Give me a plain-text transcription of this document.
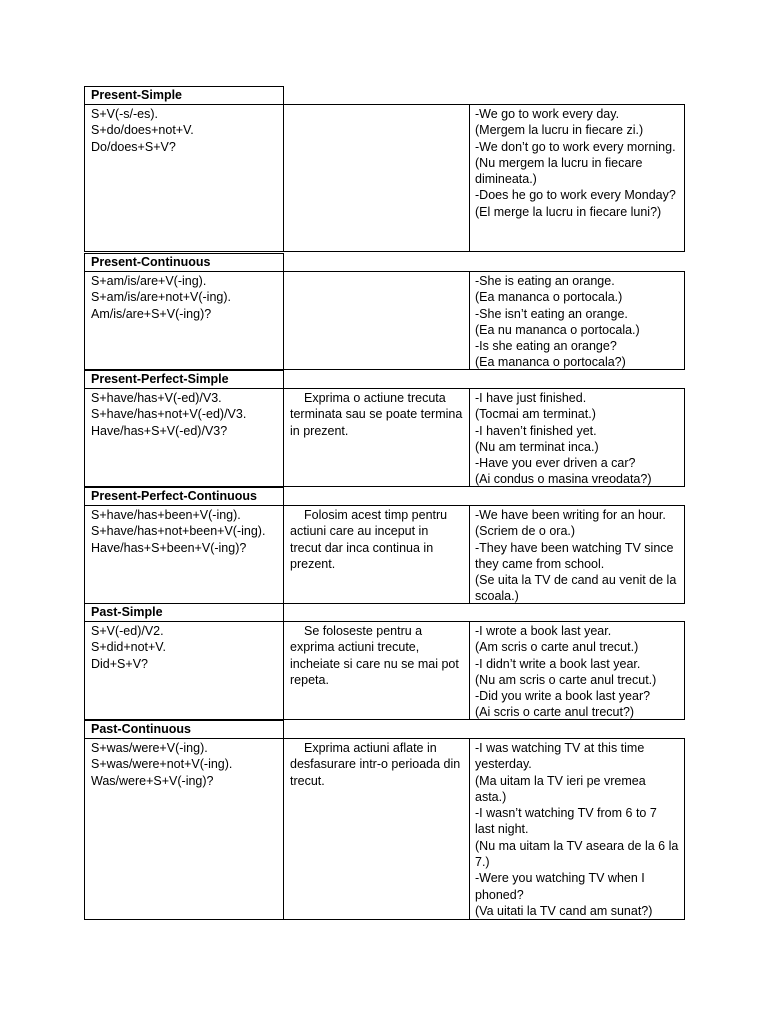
Present-Simple
S+V(-s/-es).
S+do/does+not+V.
Do/does+S+V?
-We go to work every day.
(Mergem la lucru in fiecare zi.)
-We don’t go to work every morning.
(Nu mergem la lucru in fiecare dimineata.)
-Does he go to work every Monday?
(El merge la lucru in fiecare luni?)
Present-Continuous
S+am/is/are+V(-ing).
S+am/is/are+not+V(-ing).
Am/is/are+S+V(-ing)?
-She is eating an orange.
(Ea mananca o portocala.)
-She isn’t eating an orange.
(Ea nu mananca o portocala.)
-Is she eating an orange?
(Ea mananca o portocala?)
Present-Perfect-Simple
S+have/has+V(-ed)/V3.
S+have/has+not+V(-ed)/V3.
Have/has+S+V(-ed)/V3?
Exprima o actiune trecuta terminata sau se poate termina in prezent.
-I have just finished.
(Tocmai am terminat.)
-I haven’t finished yet.
(Nu am terminat inca.)
-Have you ever driven a car?
(Ai condus o masina vreodata?)
Present-Perfect-Continuous
S+have/has+been+V(-ing).
S+have/has+not+been+V(-ing).
Have/has+S+been+V(-ing)?
Folosim acest timp pentru actiuni care au inceput in trecut dar inca continua in prezent.
-We have been writing for an hour.
(Scriem de o ora.)
-They have been watching TV since they came from school.
(Se uita la TV de cand au venit de la scoala.)
Past-Simple
S+V(-ed)/V2.
S+did+not+V.
Did+S+V?
Se foloseste pentru a exprima actiuni trecute, incheiate si care nu se mai pot repeta.
-I wrote a book last year.
(Am scris o carte anul trecut.)
-I didn’t write a book last year.
(Nu am scris o carte anul trecut.)
-Did you write a book last year?
(Ai scris o carte anul trecut?)
Past-Continuous
S+was/were+V(-ing).
S+was/were+not+V(-ing).
Was/were+S+V(-ing)?
Exprima actiuni aflate in desfasurare intr-o perioada din trecut.
-I was watching TV at this time yesterday.
(Ma uitam la TV ieri pe vremea asta.)
-I wasn’t watching TV from 6 to 7 last night.
(Nu ma uitam la TV aseara de la 6 la 7.)
-Were you watching TV when I phoned?
(Va uitati la TV cand am sunat?)
